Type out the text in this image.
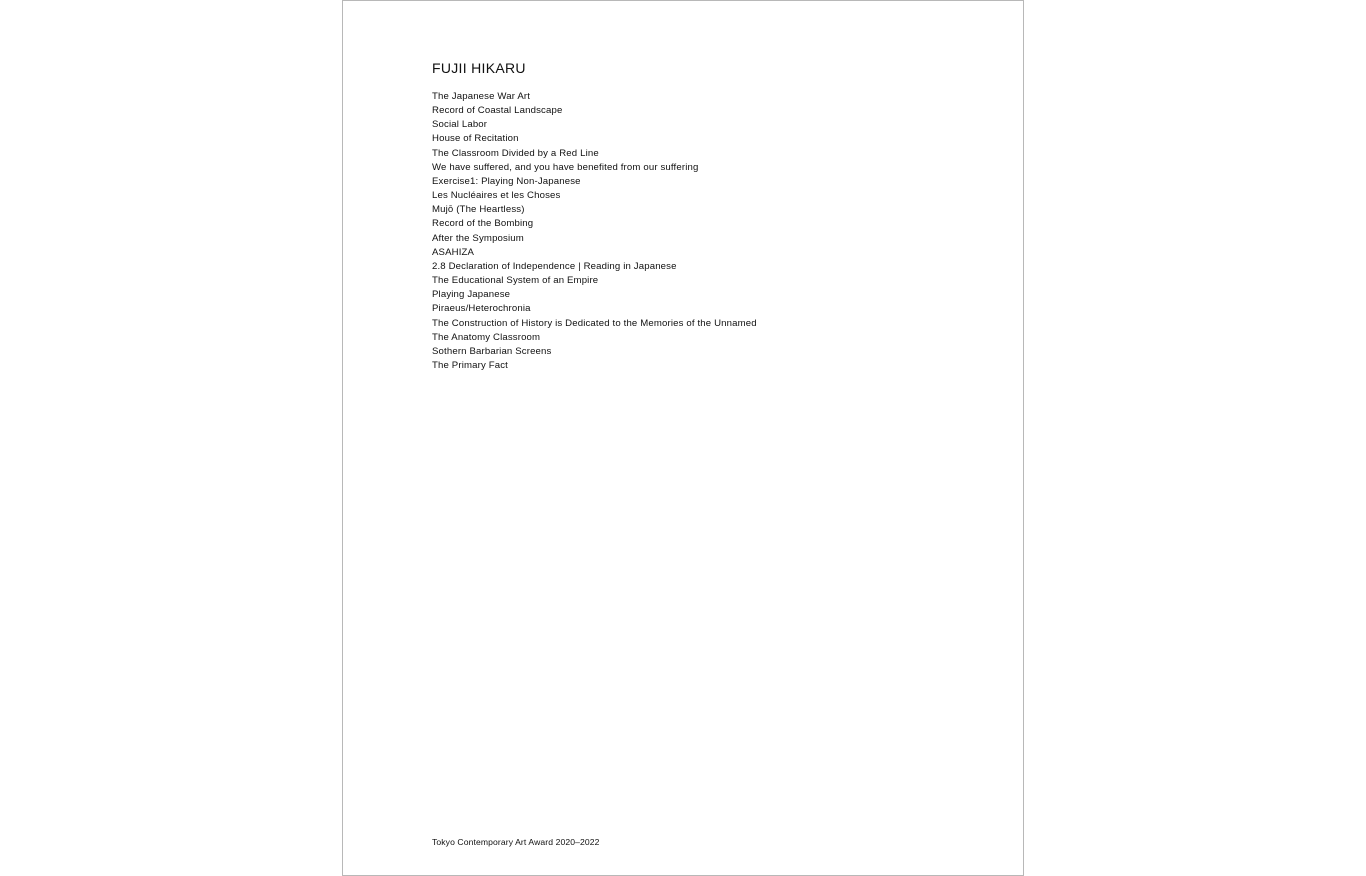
FUJII HIKARU
The Japanese War Art
Record of Coastal Landscape
Social Labor
House of Recitation
The Classroom Divided by a Red Line
We have suffered, and you have benefited from our suffering
Exercise1: Playing Non-Japanese
Les Nucléaires et les Choses
Mujō (The Heartless)
Record of the Bombing
After the Symposium
ASAHIZA
2.8 Declaration of Independence | Reading in Japanese
The Educational System of an Empire
Playing Japanese
Piraeus/Heterochronia
The Construction of History is Dedicated to the Memories of the Unnamed
The Anatomy Classroom
Sothern Barbarian Screens
The Primary Fact

Tokyo Contemporary Art Award 2020–2022
